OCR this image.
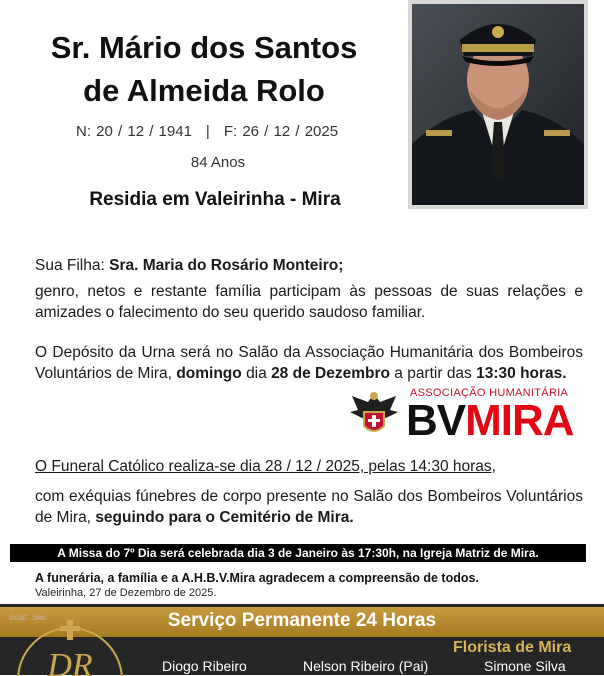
Sr. Mário dos Santos
de Almeida Rolo
N: 20 / 12 / 1941 | F: 26 / 12 / 2025
84 Anos
Residia em Valeirinha - Mira
Sua Filha: Sra. Maria do Rosário Monteiro;
genro, netos e restante família participam às pessoas de suas relações e amizades o falecimento do seu querido saudoso familiar.
O Depósito da Urna será no Salão da Associação Humanitária dos Bombeiros Voluntários de Mira, domingo dia 28 de Dezembro a partir das 13:30 horas.
ASSOCIAÇÃO HUMANITÁRIA
BVMIRA
O Funeral Católico realiza-se dia 28 / 12 / 2025, pelas 14:30 horas,
com exéquias fúnebres de corpo presente no Salão dos Bombeiros Voluntários de Mira, seguindo para o Cemitério de Mira.
A Missa do 7º Dia será celebrada dia 3 de Janeiro às 17:30h, na Igreja Matriz de Mira.
A funerária, a família e a A.H.B.V.Mira agradecem a compreensão de todos.
Valeirinha, 27 de Dezembro de 2025.
DGAE - 2941
DR
Serviço Permanente 24 Horas
Florista de Mira
Diogo Ribeiro	Nelson Ribeiro (Pai)	Simone Silva
